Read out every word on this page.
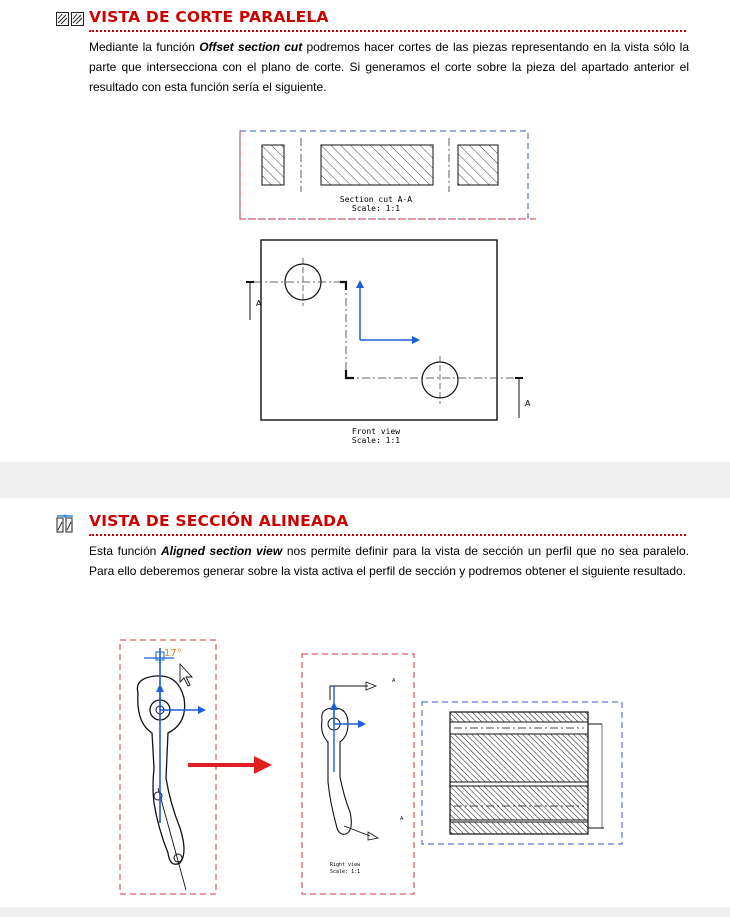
VISTA DE CORTE PARALELA
Mediante la función Offset section cut podremos hacer cortes de las piezas representando en la vista sólo la parte que intersecciona con el plano de corte. Si generamos el corte sobre la pieza del apartado anterior el resultado con esta función sería el siguiente.
Section cut A-A
Scale: 1:1
A
A
Front view
Scale: 1:1
VISTA DE SECCIÓN ALINEADA
Esta función Aligned section view nos permite definir para la vista de sección un perfil que no sea paralelo. Para ello deberemos generar sobre la vista activa el perfil de sección y podremos obtener el siguiente resultado.
17°
A
A
Right view
Scale: 1:1
